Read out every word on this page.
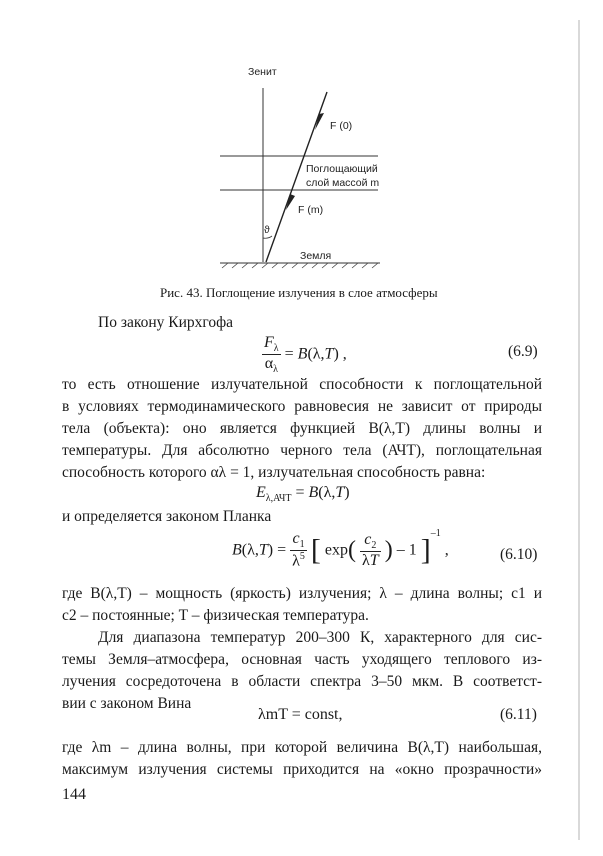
Зенит
F (0)
Поглощающий
слой массой m
F (m)
ϑ
Земля
Рис. 43. Поглощение излучения в слое атмосферы
По закону Кирхгофа
$\frac{F_\lambda}{\alpha_\lambda} = B(\lambda,T)$ ,	(6.9)
то есть отношение излучательной способности к поглощательной
в условиях термодинамического равновесия не зависит от природы
тела (объекта): оно является функцией B(λ,T) длины волны и
температуры. Для абсолютно черного тела (АЧТ), поглощательная
способность которого αλ = 1, излучательная способность равна:
$E_{\lambda,АЧТ} = B(\lambda,T)$
и определяется законом Планка
$B(\lambda,T) = \frac{c_1}{\lambda^5}$ [ $\exp( \frac{c_2}{\lambda T}$ ) – 1 ]$^{-1}$ ,	(6.10)
где B(λ,T) – мощность (яркость) излучения; λ – длина волны; c1 и
c2 – постоянные; T – физическая температура.
Для диапазона температур 200–300 К, характерного для сис-
темы Земля–атмосфера, основная часть уходящего теплового из-
лучения сосредоточена в области спектра 3–50 мкм. В соответст-
вии с законом Вина
λmT = const,	(6.11)
где λm – длина волны, при которой величина B(λ,T) наибольшая,
максимум излучения системы приходится на «окно прозрачности»
144
